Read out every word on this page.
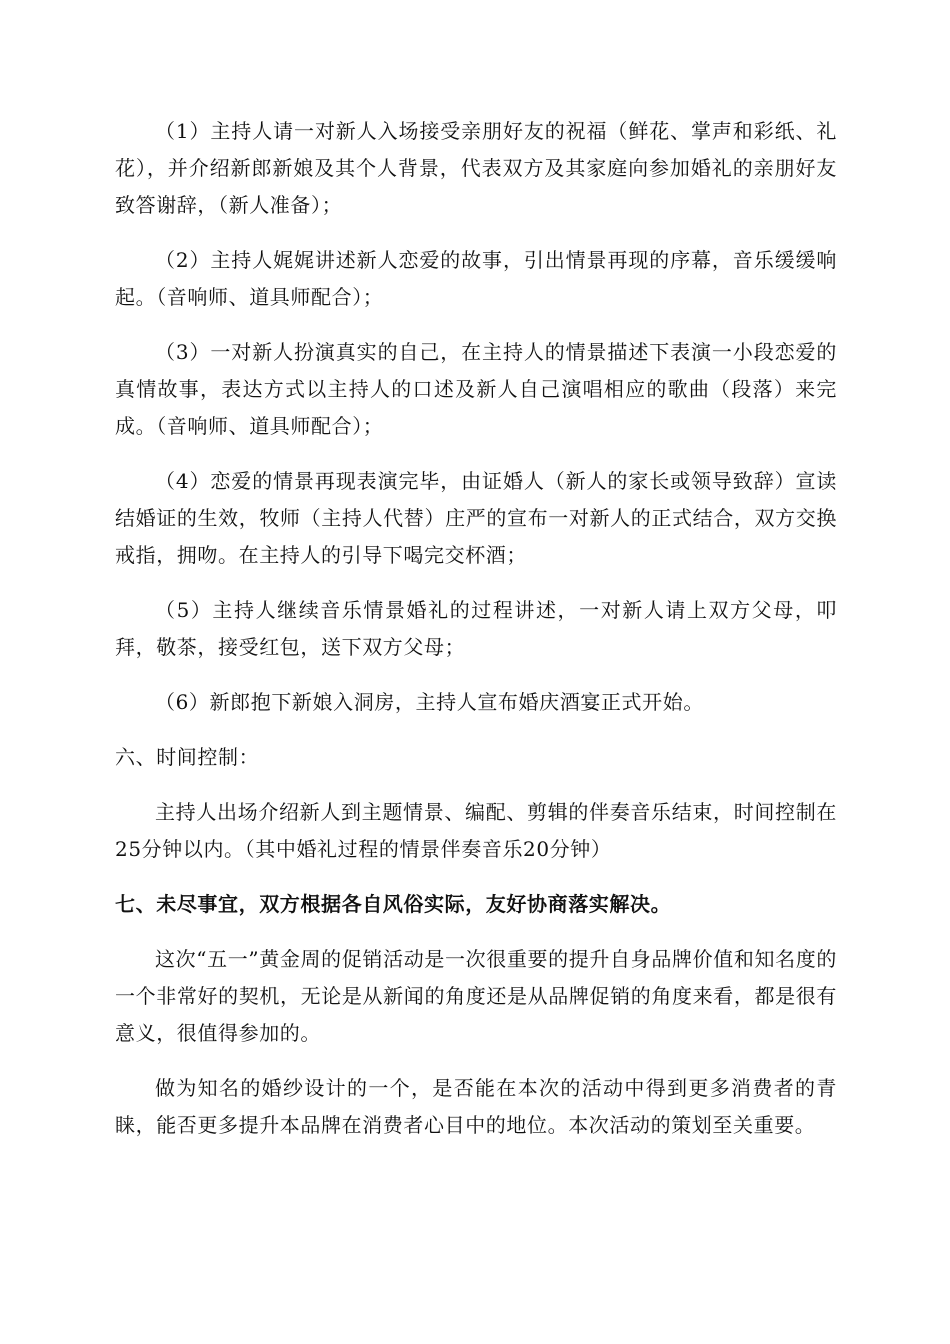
（1）主持人请一对新人入场接受亲朋好友的祝福（鲜花、掌声和彩纸、礼花），并介绍新郎新娘及其个人背景，代表双方及其家庭向参加婚礼的亲朋好友致答谢辞，（新人准备）；

（2）主持人娓娓讲述新人恋爱的故事，引出情景再现的序幕，音乐缓缓响起。（音响师、道具师配合）；

（3）一对新人扮演真实的自己，在主持人的情景描述下表演一小段恋爱的真情故事，表达方式以主持人的口述及新人自己演唱相应的歌曲（段落）来完成。（音响师、道具师配合）；

（4）恋爱的情景再现表演完毕，由证婚人（新人的家长或领导致辞）宣读结婚证的生效，牧师（主持人代替）庄严的宣布一对新人的正式结合，双方交换戒指，拥吻。在主持人的引导下喝完交杯酒；

（5）主持人继续音乐情景婚礼的过程讲述，一对新人请上双方父母，叩拜，敬茶，接受红包，送下双方父母；

（6）新郎抱下新娘入洞房，主持人宣布婚庆酒宴正式开始。

六、时间控制：

主持人出场介绍新人到主题情景、编配、剪辑的伴奏音乐结束，时间控制在25分钟以内。（其中婚礼过程的情景伴奏音乐20分钟）

七、未尽事宜，双方根据各自风俗实际，友好协商落实解决。

这次“五一”黄金周的促销活动是一次很重要的提升自身品牌价值和知名度的一个非常好的契机，无论是从新闻的角度还是从品牌促销的角度来看，都是很有意义，很值得参加的。

做为知名的婚纱设计的一个，是否能在本次的活动中得到更多消费者的青睐，能否更多提升本品牌在消费者心目中的地位。本次活动的策划至关重要。
